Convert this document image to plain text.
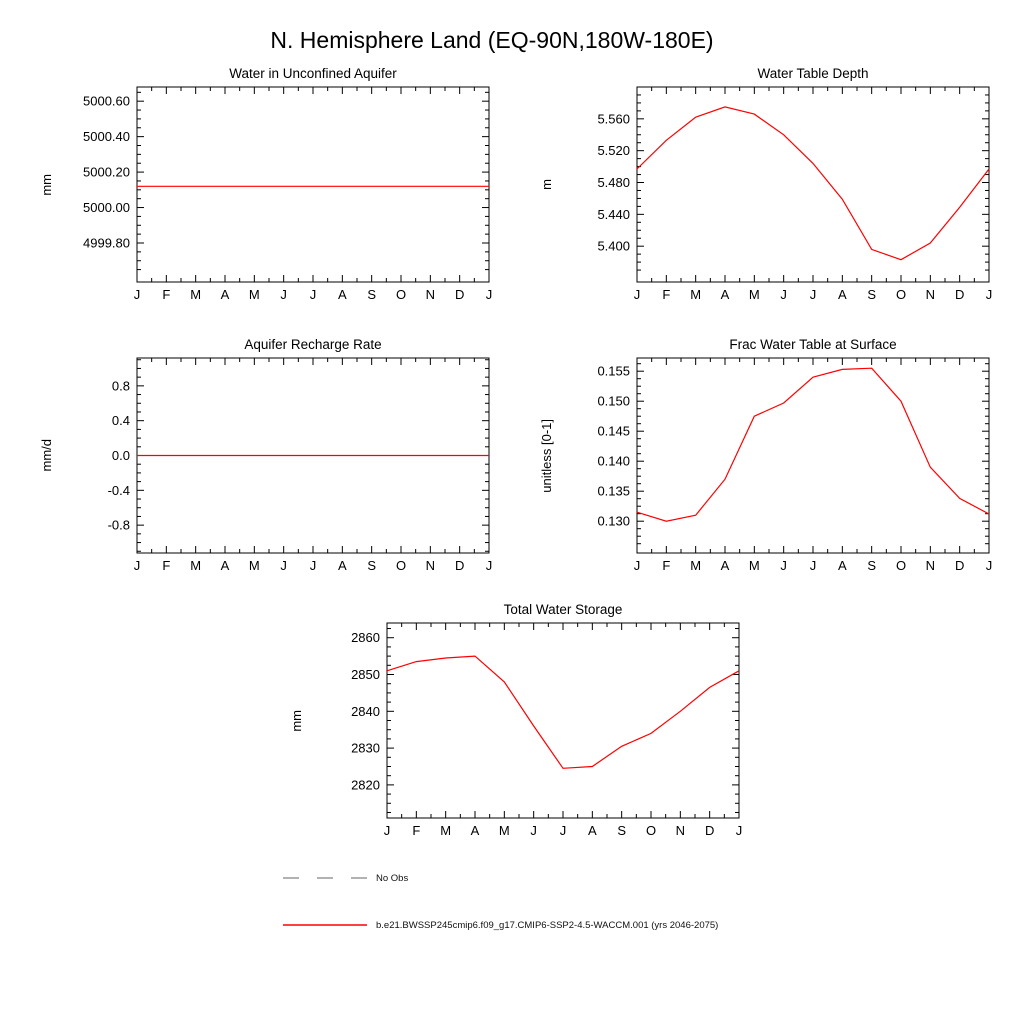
N. Hemisphere Land (EQ-90N,180W-180E)
Water in Unconfined Aquifer
mm
J F M A M J J A S O N D J
4999.80
5000.00
5000.20
5000.40
5000.60
Water Table Depth
m
J F M A M J J A S O N D J
5.400
5.440
5.480
5.520
5.560
Aquifer Recharge Rate
mm/d
J F M A M J J A S O N D J
-0.8
-0.4
0.0
0.4
0.8
Frac Water Table at Surface
unitless [0-1]
J F M A M J J A S O N D J
0.130
0.135
0.140
0.145
0.150
0.155
Total Water Storage
mm
J F M A M J J A S O N D J
2820
2830
2840
2850
2860
No Obs
b.e21.BWSSP245cmip6.f09_g17.CMIP6-SSP2-4.5-WACCM.001 (yrs 2046-2075)
